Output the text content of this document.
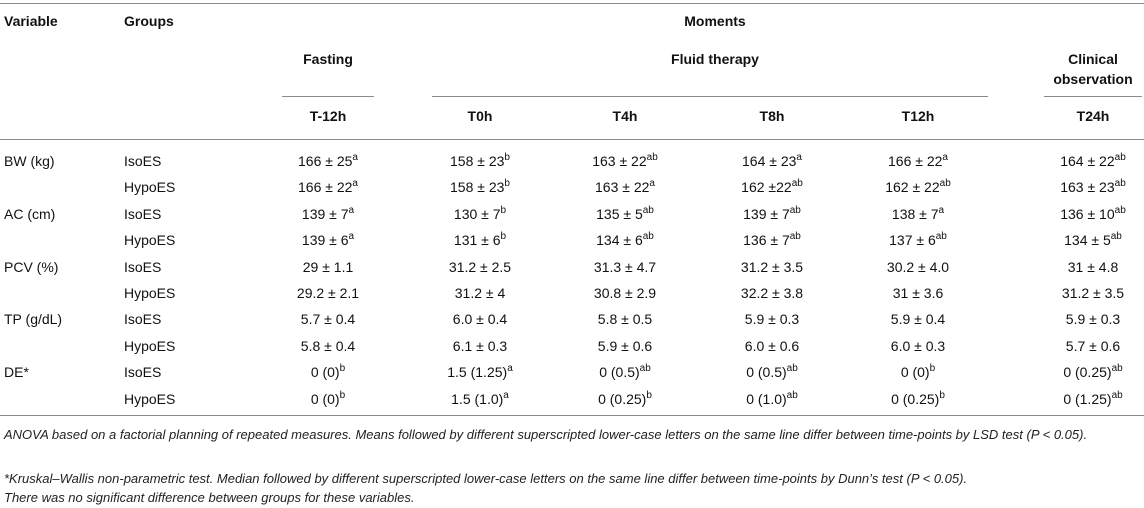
Variable	Groups	Moments
Fasting	Fluid therapy	Clinical
observation
T-12h	T0h	T4h	T8h	T12h	T24h
BW (kg)	IsoES	$166 \pm 25^a$	$158 \pm 23^b$	$163 \pm 22^{ab}$	$164 \pm 23^a$	$166 \pm 22^a$	$164 \pm 22^{ab}$
HypoES	$166 \pm 22^a$	$158 \pm 23^b$	$163 \pm 22^a$	$162 \pm 22^{ab}$	$162 \pm 22^{ab}$	$163 \pm 23^{ab}$
AC (cm)	IsoES	$139 \pm 7^a$	$130 \pm 7^b$	$135 \pm 5^{ab}$	$139 \pm 7^{ab}$	$138 \pm 7^a$	$136 \pm 10^{ab}$
HypoES	$139 \pm 6^a$	$131 \pm 6^b$	$134 \pm 6^{ab}$	$136 \pm 7^{ab}$	$137 \pm 6^{ab}$	$134 \pm 5^{ab}$
PCV (%)	IsoES	29 ± 1.1	31.2 ± 2.5	31.3 ± 4.7	31.2 ± 3.5	30.2 ± 4.0	31 ± 4.8
HypoES	29.2 ± 2.1	31.2 ± 4	30.8 ± 2.9	32.2 ± 3.8	31 ± 3.6	31.2 ± 3.5
TP (g/dL)	IsoES	5.7 ± 0.4	6.0 ± 0.4	5.8 ± 0.5	5.9 ± 0.3	5.9 ± 0.4	5.9 ± 0.3
HypoES	5.8 ± 0.4	6.1 ± 0.3	5.9 ± 0.6	6.0 ± 0.6	6.0 ± 0.3	5.7 ± 0.6
DE*	IsoES	0 $(0)^b$	1.5 $(1.25)^a$	0 $(0.5)^{ab}$	0 $(0.5)^{ab}$	0 $(0)^b$	0 $(0.25)^{ab}$
HypoES	0 $(0)^b$	1.5 $(1.0)^a$	0 $(0.25)^b$	0 $(1.0)^{ab}$	0 $(0.25)^b$	0 $(1.25)^{ab}$
ANOVA based on a factorial planning of repeated measures. Means followed by different superscripted lower-case letters on the same line differ between time-points by LSD test (P < 0.05).
*Kruskal–Wallis non-parametric test. Median followed by different superscripted lower-case letters on the same line differ between time-points by Dunn’s test (P < 0.05).
There was no significant difference between groups for these variables.
